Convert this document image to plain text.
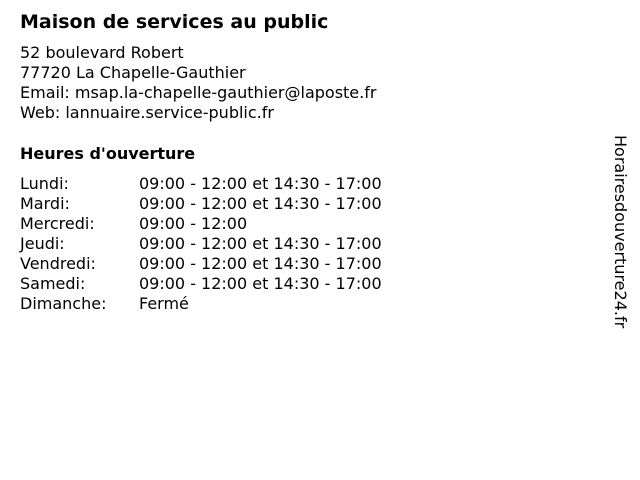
Maison de services au public
52 boulevard Robert
77720 La Chapelle-Gauthier
Email: msap.la-chapelle-gauthier@laposte.fr
Web: lannuaire.service-public.fr
Heures d'ouverture
Lundi:	09:00 - 12:00 et 14:30 - 17:00
Mardi:	09:00 - 12:00 et 14:30 - 17:00
Mercredi:	09:00 - 12:00
Jeudi:	09:00 - 12:00 et 14:30 - 17:00
Vendredi:	09:00 - 12:00 et 14:30 - 17:00
Samedi:	09:00 - 12:00 et 14:30 - 17:00
Dimanche:	Fermé	Horairesdouverture24.fr
